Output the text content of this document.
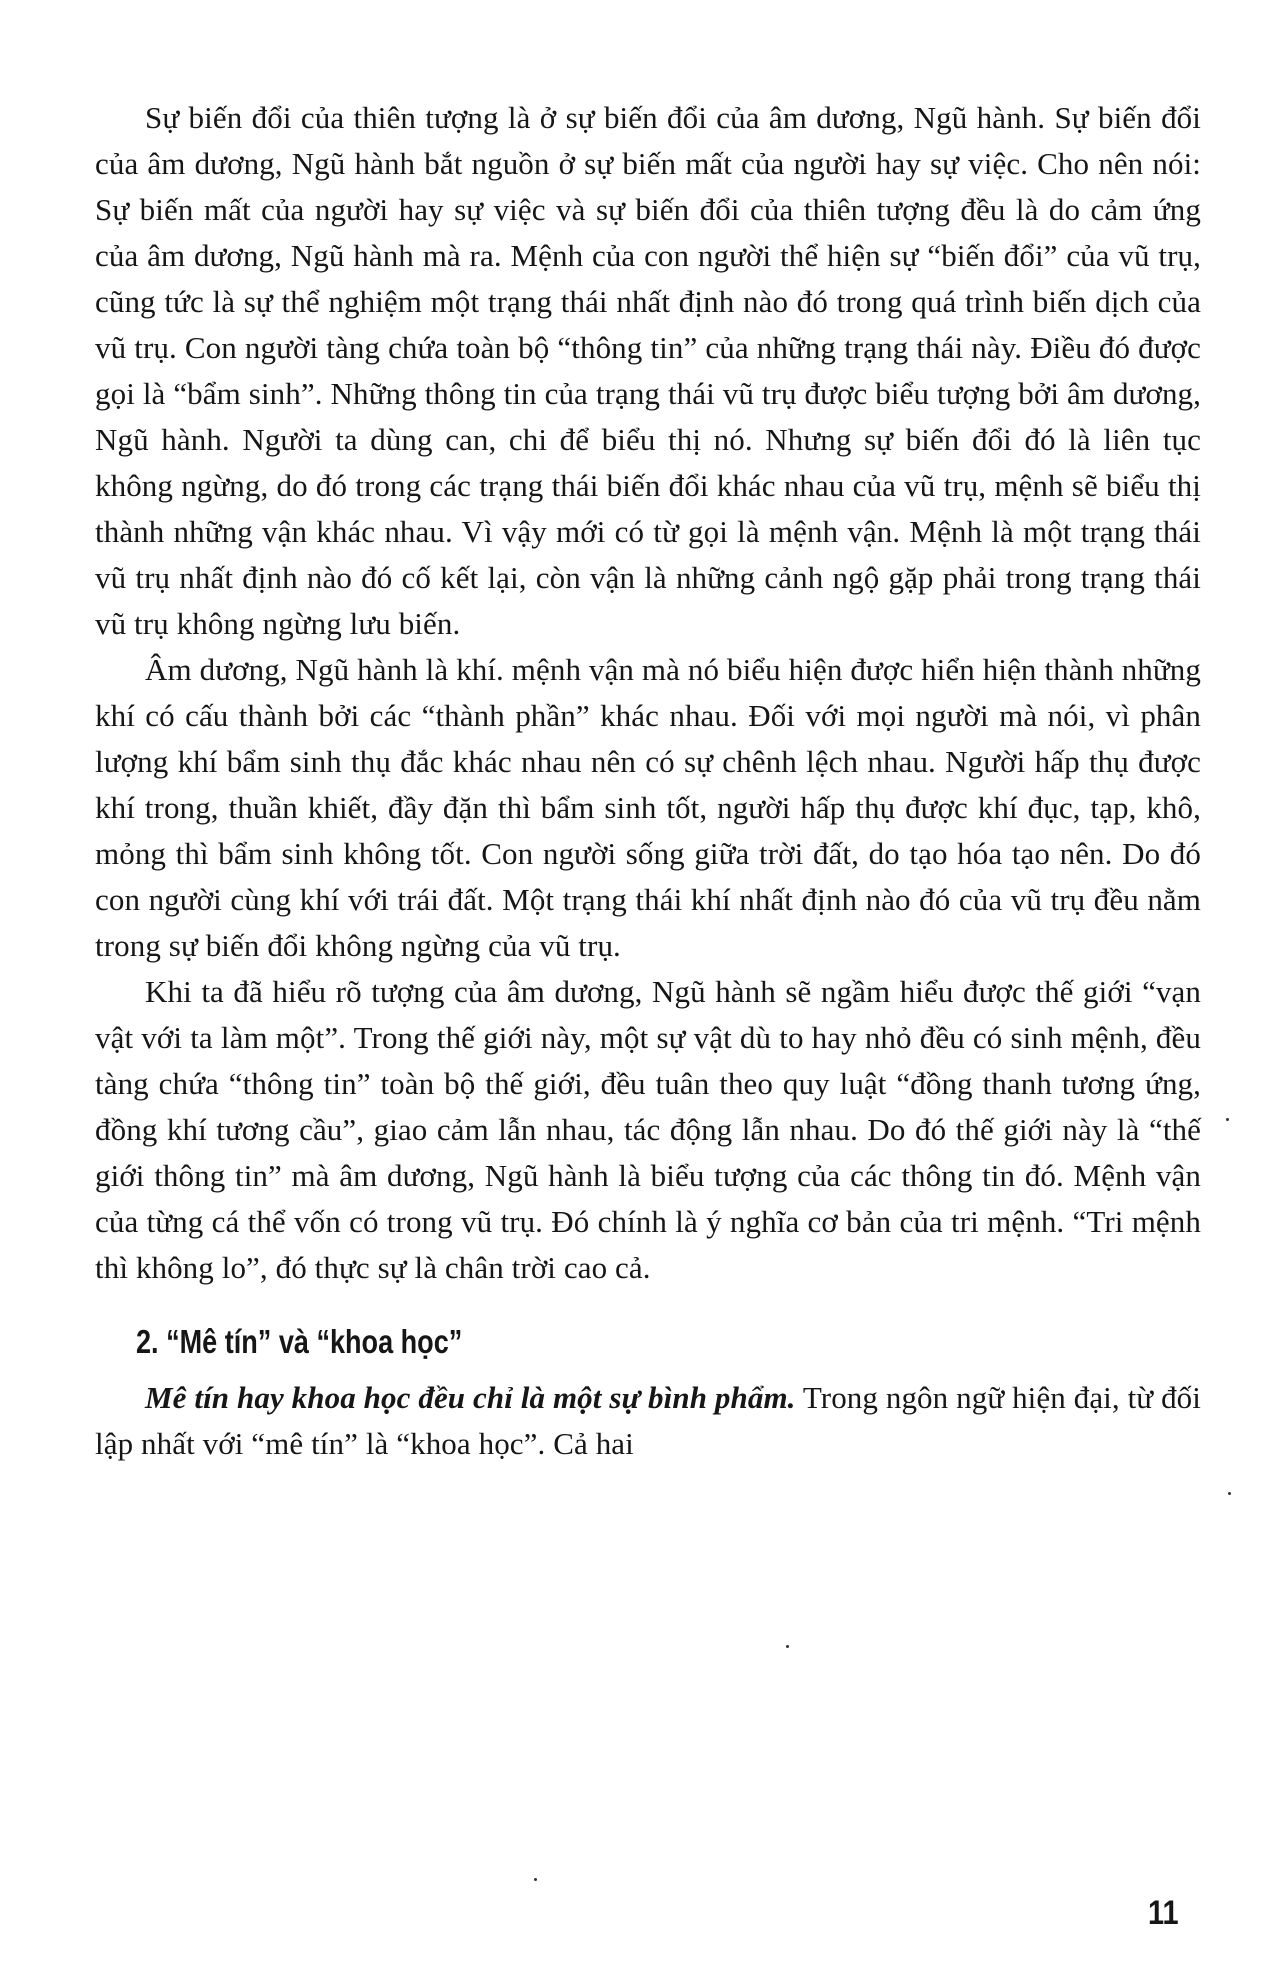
Sự biến đổi của thiên tượng là ở sự biến đổi của âm dương, Ngũ hành. Sự biến đổi của âm dương, Ngũ hành bắt nguồn ở sự biến mất của người hay sự việc. Cho nên nói: Sự biến mất của người hay sự việc và sự biến đổi của thiên tượng đều là do cảm ứng của âm dương, Ngũ hành mà ra. Mệnh của con người thể hiện sự “biến đổi” của vũ trụ, cũng tức là sự thể nghiệm một trạng thái nhất định nào đó trong quá trình biến dịch của vũ trụ. Con người tàng chứa toàn bộ “thông tin” của những trạng thái này. Điều đó được gọi là “bẩm sinh”. Những thông tin của trạng thái vũ trụ được biểu tượng bởi âm dương, Ngũ hành. Người ta dùng can, chi để biểu thị nó. Nhưng sự biến đổi đó là liên tục không ngừng, do đó trong các trạng thái biến đổi khác nhau của vũ trụ, mệnh sẽ biểu thị thành những vận khác nhau. Vì vậy mới có từ gọi là mệnh vận. Mệnh là một trạng thái vũ trụ nhất định nào đó cố kết lại, còn vận là những cảnh ngộ gặp phải trong trạng thái vũ trụ không ngừng lưu biến.

Âm dương, Ngũ hành là khí. mệnh vận mà nó biểu hiện được hiển hiện thành những khí có cấu thành bởi các “thành phần” khác nhau. Đối với mọi người mà nói, vì phân lượng khí bẩm sinh thụ đắc khác nhau nên có sự chênh lệch nhau. Người hấp thụ được khí trong, thuần khiết, đầy đặn thì bẩm sinh tốt, người hấp thụ được khí đục, tạp, khô, mỏng thì bẩm sinh không tốt. Con người sống giữa trời đất, do tạo hóa tạo nên. Do đó con người cùng khí với trái đất. Một trạng thái khí nhất định nào đó của vũ trụ đều nằm trong sự biến đổi không ngừng của vũ trụ.

Khi ta đã hiểu rõ tượng của âm dương, Ngũ hành sẽ ngầm hiểu được thế giới “vạn vật với ta làm một”. Trong thế giới này, một sự vật dù to hay nhỏ đều có sinh mệnh, đều tàng chứa “thông tin” toàn bộ thế giới, đều tuân theo quy luật “đồng thanh tương ứng, đồng khí tương cầu”, giao cảm lẫn nhau, tác động lẫn nhau. Do đó thế giới này là “thế giới thông tin” mà âm dương, Ngũ hành là biểu tượng của các thông tin đó. Mệnh vận của từng cá thể vốn có trong vũ trụ. Đó chính là ý nghĩa cơ bản của tri mệnh. “Tri mệnh thì không lo”, đó thực sự là chân trời cao cả.

2. “Mê tín” và “khoa học”

Mê tín hay khoa học đều chỉ là một sự bình phẩm. Trong ngôn ngữ hiện đại, từ đối lập nhất với “mê tín” là “khoa học”. Cả hai

11
